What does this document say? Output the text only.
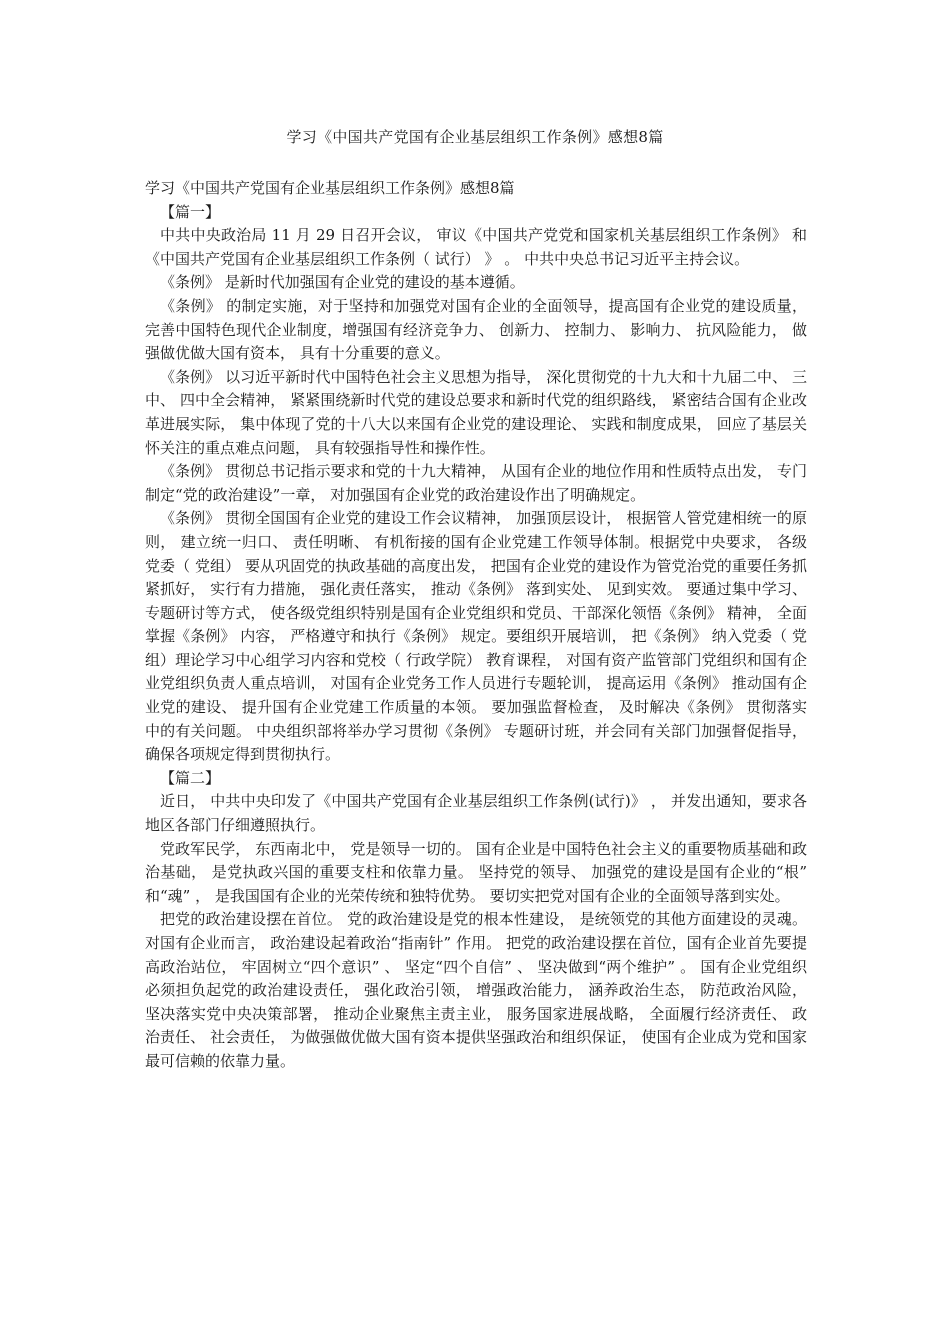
学习《中国共产党国有企业基层组织工作条例》感想8篇

学习《中国共产党国有企业基层组织工作条例》感想8篇

【篇一】

中共中央政治局 11 月 29 日召开会议， 审议《中国共产党党和国家机关基层组织工作条例》 和《中国共产党国有企业基层组织工作条例（ 试行） 》 。 中共中央总书记习近平主持会议。

《条例》 是新时代加强国有企业党的建设的基本遵循。

《条例》 的制定实施，对于坚持和加强党对国有企业的全面领导，提高国有企业党的建设质量， 完善中国特色现代企业制度，增强国有经济竞争力、 创新力、 控制力、 影响力、 抗风险能力， 做强做优做大国有资本， 具有十分重要的意义。

《条例》 以习近平新时代中国特色社会主义思想为指导， 深化贯彻党的十九大和十九届二中、 三中、 四中全会精神， 紧紧围绕新时代党的建设总要求和新时代党的组织路线， 紧密结合国有企业改革进展实际， 集中体现了党的十八大以来国有企业党的建设理论、 实践和制度成果， 回应了基层关怀关注的重点难点问题， 具有较强指导性和操作性。

《条例》 贯彻总书记指示要求和党的十九大精神， 从国有企业的地位作用和性质特点出发， 专门制定“党的政治建设”一章， 对加强国有企业党的政治建设作出了明确规定。

《条例》 贯彻全国国有企业党的建设工作会议精神， 加强顶层设计， 根据管人管党建相统一的原则， 建立统一归口、 责任明晰、 有机衔接的国有企业党建工作领导体制。根据党中央要求， 各级党委（ 党组） 要从巩固党的执政基础的高度出发， 把国有企业党的建设作为管党治党的重要任务抓紧抓好， 实行有力措施， 强化责任落实， 推动《条例》 落到实处、 见到实效。 要通过集中学习、 专题研讨等方式， 使各级党组织特别是国有企业党组织和党员、干部深化领悟《条例》 精神， 全面掌握《条例》 内容， 严格遵守和执行《条例》 规定。要组织开展培训， 把《条例》 纳入党委（ 党组）理论学习中心组学习内容和党校（ 行政学院） 教育课程， 对国有资产监管部门党组织和国有企业党组织负责人重点培训， 对国有企业党务工作人员进行专题轮训， 提高运用《条例》 推动国有企业党的建设、 提升国有企业党建工作质量的本领。 要加强监督检查， 及时解决《条例》 贯彻落实中的有关问题。 中央组织部将举办学习贯彻《条例》 专题研讨班，并会同有关部门加强督促指导， 确保各项规定得到贯彻执行。

【篇二】

近日， 中共中央印发了《中国共产党国有企业基层组织工作条例(试行)》 ， 并发出通知，要求各地区各部门仔细遵照执行。

党政军民学， 东西南北中， 党是领导一切的。 国有企业是中国特色社会主义的重要物质基础和政治基础， 是党执政兴国的重要支柱和依靠力量。 坚持党的领导、 加强党的建设是国有企业的“根” 和“魂” ， 是我国国有企业的光荣传统和独特优势。 要切实把党对国有企业的全面领导落到实处。

把党的政治建设摆在首位。 党的政治建设是党的根本性建设， 是统领党的其他方面建设的灵魂。 对国有企业而言， 政治建设起着政治“指南针” 作用。 把党的政治建设摆在首位，国有企业首先要提高政治站位， 牢固树立“四个意识” 、 坚定“四个自信” 、 坚决做到“两个维护” 。 国有企业党组织必须担负起党的政治建设责任， 强化政治引领， 增强政治能力， 涵养政治生态， 防范政治风险， 坚决落实党中央决策部署， 推动企业聚焦主责主业， 服务国家进展战略， 全面履行经济责任、 政治责任、 社会责任， 为做强做优做大国有资本提供坚强政治和组织保证， 使国有企业成为党和国家最可信赖的依靠力量。
